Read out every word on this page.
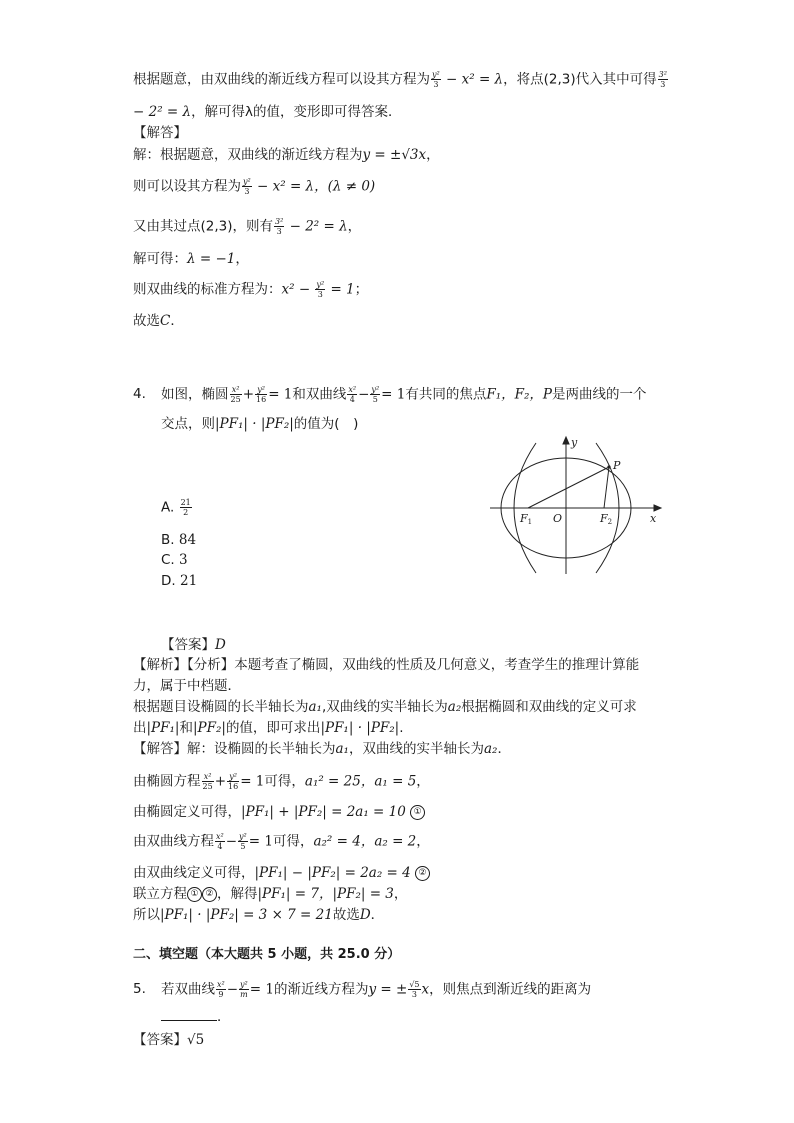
根据题意，由双曲线的渐近线方程可以设其方程为 $\frac{\text{y²}}{3} - x^2 = \lambda$，将点(2,3)代入其中可得 $\frac{\text{3²}}{3}$
− 2² = λ，解可得λ的值，变形即可得答案．
【解答】
解：根据题意，双曲线的渐近线方程为y = ±√3x，
则可以设其方程为 $\frac{\text{y²}}{3} - x^2 = \lambda$，(λ ≠ 0)
又由其过点(2,3)，则有 $\frac{\text{3²}}{3} - 2^2 = \lambda$，
解可得：λ = −1，
则双曲线的标准方程为：$x^2 - \frac{\text{y²}}{3} = 1$；
故选C．
4. 如图，椭圆 $\frac{\text{x²}}{25} + \frac{\text{y²}}{16} = 1$和双曲线 $\frac{\text{x²}}{4} - \frac{\text{y²}}{5} = 1$有共同的焦点F₁，F₂，P是两曲线的一个
交点，则|PF₁| · |PF₂|的值为(　)
A. $\frac{21}{2}$
B. 84
C. 3
D. 21
x
y
O
P
F1	F2
【答案】D
【解析】【分析】本题考查了椭圆，双曲线的性质及几何意义，考查学生的推理计算能
力，属于中档题．
根据题目设椭圆的长半轴长为a₁,双曲线的实半轴长为a₂根据椭圆和双曲线的定义可求
出|PF₁|和|PF₂|的值，即可求出|PF₁| · |PF₂|.
【解答】解：设椭圆的长半轴长为a₁，双曲线的实半轴长为a₂．
由椭圆方程 $\frac{\text{x²}}{25} + \frac{\text{y²}}{16} = 1$可得，a₁² = 25，a₁ = 5，
由椭圆定义可得，|PF₁| + |PF₂| = 2a₁ = 10 ①
由双曲线方程 $\frac{\text{x²}}{4} - \frac{\text{y²}}{5} = 1$可得，a₂² = 4，a₂ = 2，
由双曲线定义可得，|PF₁| − |PF₂| = 2a₂ = 4 ②
联立方程 ① ② ，解得|PF₁| = 7，|PF₂| = 3，
所以|PF₁| · |PF₂| = 3 × 7 = 21故选D．
二、填空题（本大题共 5 小题，共 25.0 分）
5. 若双曲线 $\frac{\text{x²}}{9} - \frac{\text{y²}}{m} = 1$的渐近线方程为y = ± $\frac{√5}{3}$ x，则焦点到渐近线的距离为
．
【答案】√5
